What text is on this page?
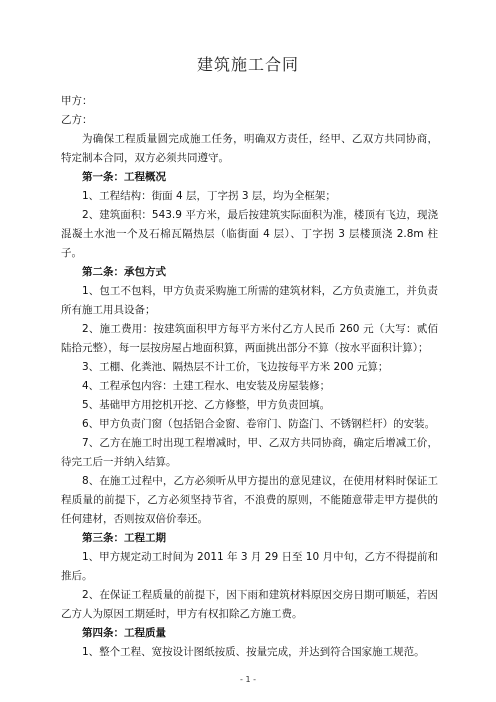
建筑施工合同

甲方：

乙方：

为确保工程质量圆完成施工任务，明确双方责任，经甲、乙双方共同协商，特定制本合同，双方必须共同遵守。

第一条：工程概况

1、工程结构：街面 4 层，丁字拐 3 层，均为全框架；

2、建筑面积：543.9 平方米，最后按建筑实际面积为准，楼顶有飞边，现浇混凝土水池一个及石棉瓦隔热层（临街面 4 层）、丁字拐 3 层楼顶浇 2.8m 柱子。

第二条：承包方式

1、包工不包料，甲方负责采购施工所需的建筑材料，乙方负责施工，并负责所有施工用具设备；

2、施工费用：按建筑面积甲方每平方米付乙方人民币 260 元（大写：贰佰陆拾元整），每一层按房屋占地面积算，两面挑出部分不算（按水平面积计算）；

3、工棚、化粪池、隔热层不计工价，飞边按每平方米 200 元算；

4、工程承包内容：土建工程水、电安装及房屋装修；

5、基础甲方用挖机开挖、乙方修整，甲方负责回填。

6、甲方负责门窗（包括铝合金窗、卷帘门、防盗门、不锈钢栏杆）的安装。

7、乙方在施工时出现工程增减时，甲、乙双方共同协商，确定后增减工价，待完工后一并纳入结算。

8、在施工过程中，乙方必须听从甲方提出的意见建议，在使用材料时保证工程质量的前提下，乙方必须坚持节省，不浪费的原则，不能随意带走甲方提供的任何建材，否则按双倍价奉还。

第三条：工程工期

1、甲方规定动工时间为 2011 年 3 月 29 日至 10 月中旬，乙方不得提前和推后。

2、在保证工程质量的前提下，因下雨和建筑材料原因交房日期可顺延，若因乙方人为原因工期延时，甲方有权扣除乙方施工费。

第四条：工程质量

1、整个工程、宽按设计图纸按质、按量完成，并达到符合国家施工规范。

- 1 -
